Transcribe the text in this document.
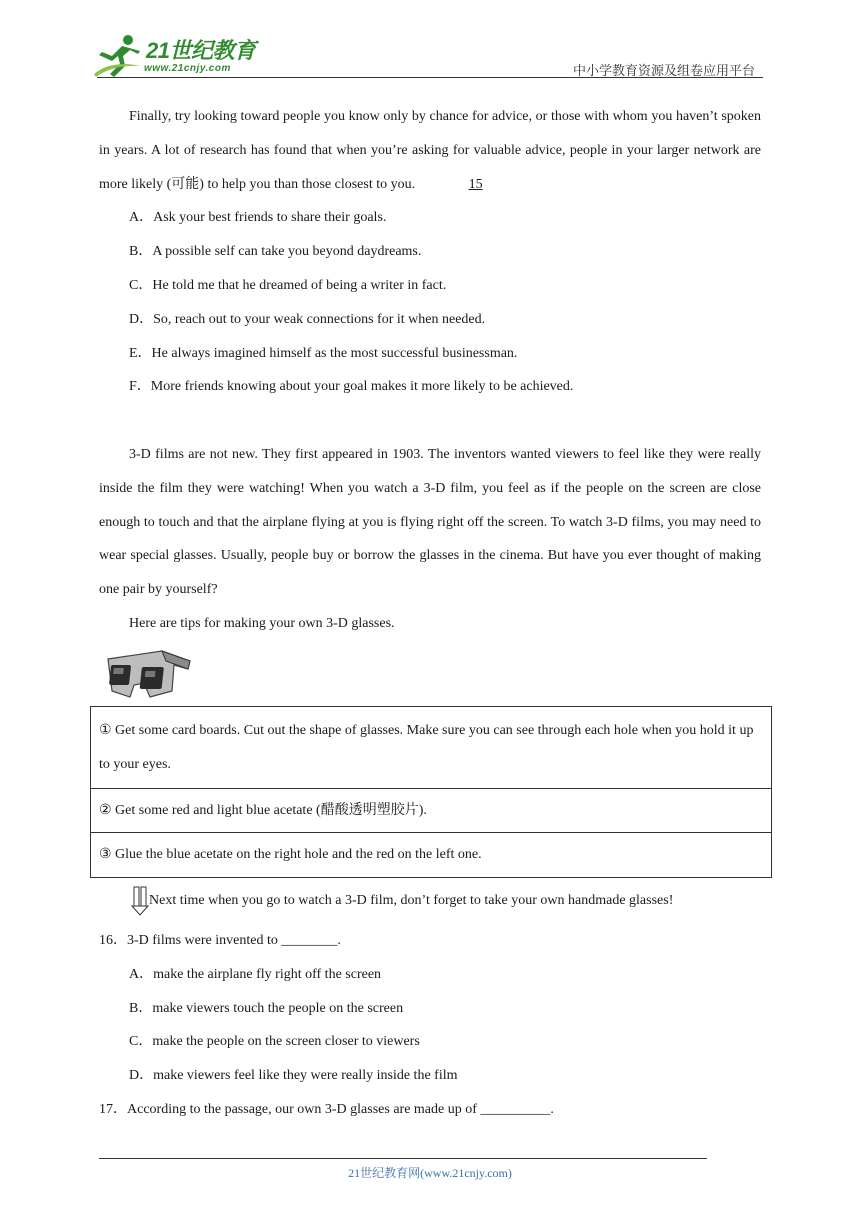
21世纪教育
www.21cnjy.com	中小学教育资源及组卷应用平台

Finally, try looking toward people you know only by chance for advice, or those with whom you haven’t spoken in years. A lot of research has found that when you’re asking for valuable advice, people in your larger network are more likely (可能) to help you than those closest to you.	15

A．Ask your best friends to share their goals.

B．A possible self can take you beyond daydreams.

C．He told me that he dreamed of being a writer in fact.

D．So, reach out to your weak connections for it when needed.

E．He always imagined himself as the most successful businessman.

F．More friends knowing about your goal makes it more likely to be achieved.

3-D films are not new. They first appeared in 1903. The inventors wanted viewers to feel like they were really inside the film they were watching! When you watch a 3-D film, you feel as if the people on the screen are close enough to touch and that the airplane flying at you is flying right off the screen. To watch 3-D films, you may need to wear special glasses. Usually, people buy or borrow the glasses in the cinema. But have you ever thought of making one pair by yourself?

Here are tips for making your own 3-D glasses.

① Get some card boards. Cut out the shape of glasses. Make sure you can see through each hole when you hold it up to your eyes.
② Get some red and light blue acetate (醋酸透明塑胶片).
③ Glue the blue acetate on the right hole and the red on the left one.
Next time when you go to watch a 3-D film, don’t forget to take your own handmade glasses!

16．3-D films were invented to ________.

A．make the airplane fly right off the screen

B．make viewers touch the people on the screen

C．make the people on the screen closer to viewers

D．make viewers feel like they were really inside the film

17．According to the passage, our own 3-D glasses are made up of __________.

21世纪教育网(www.21cnjy.com)
